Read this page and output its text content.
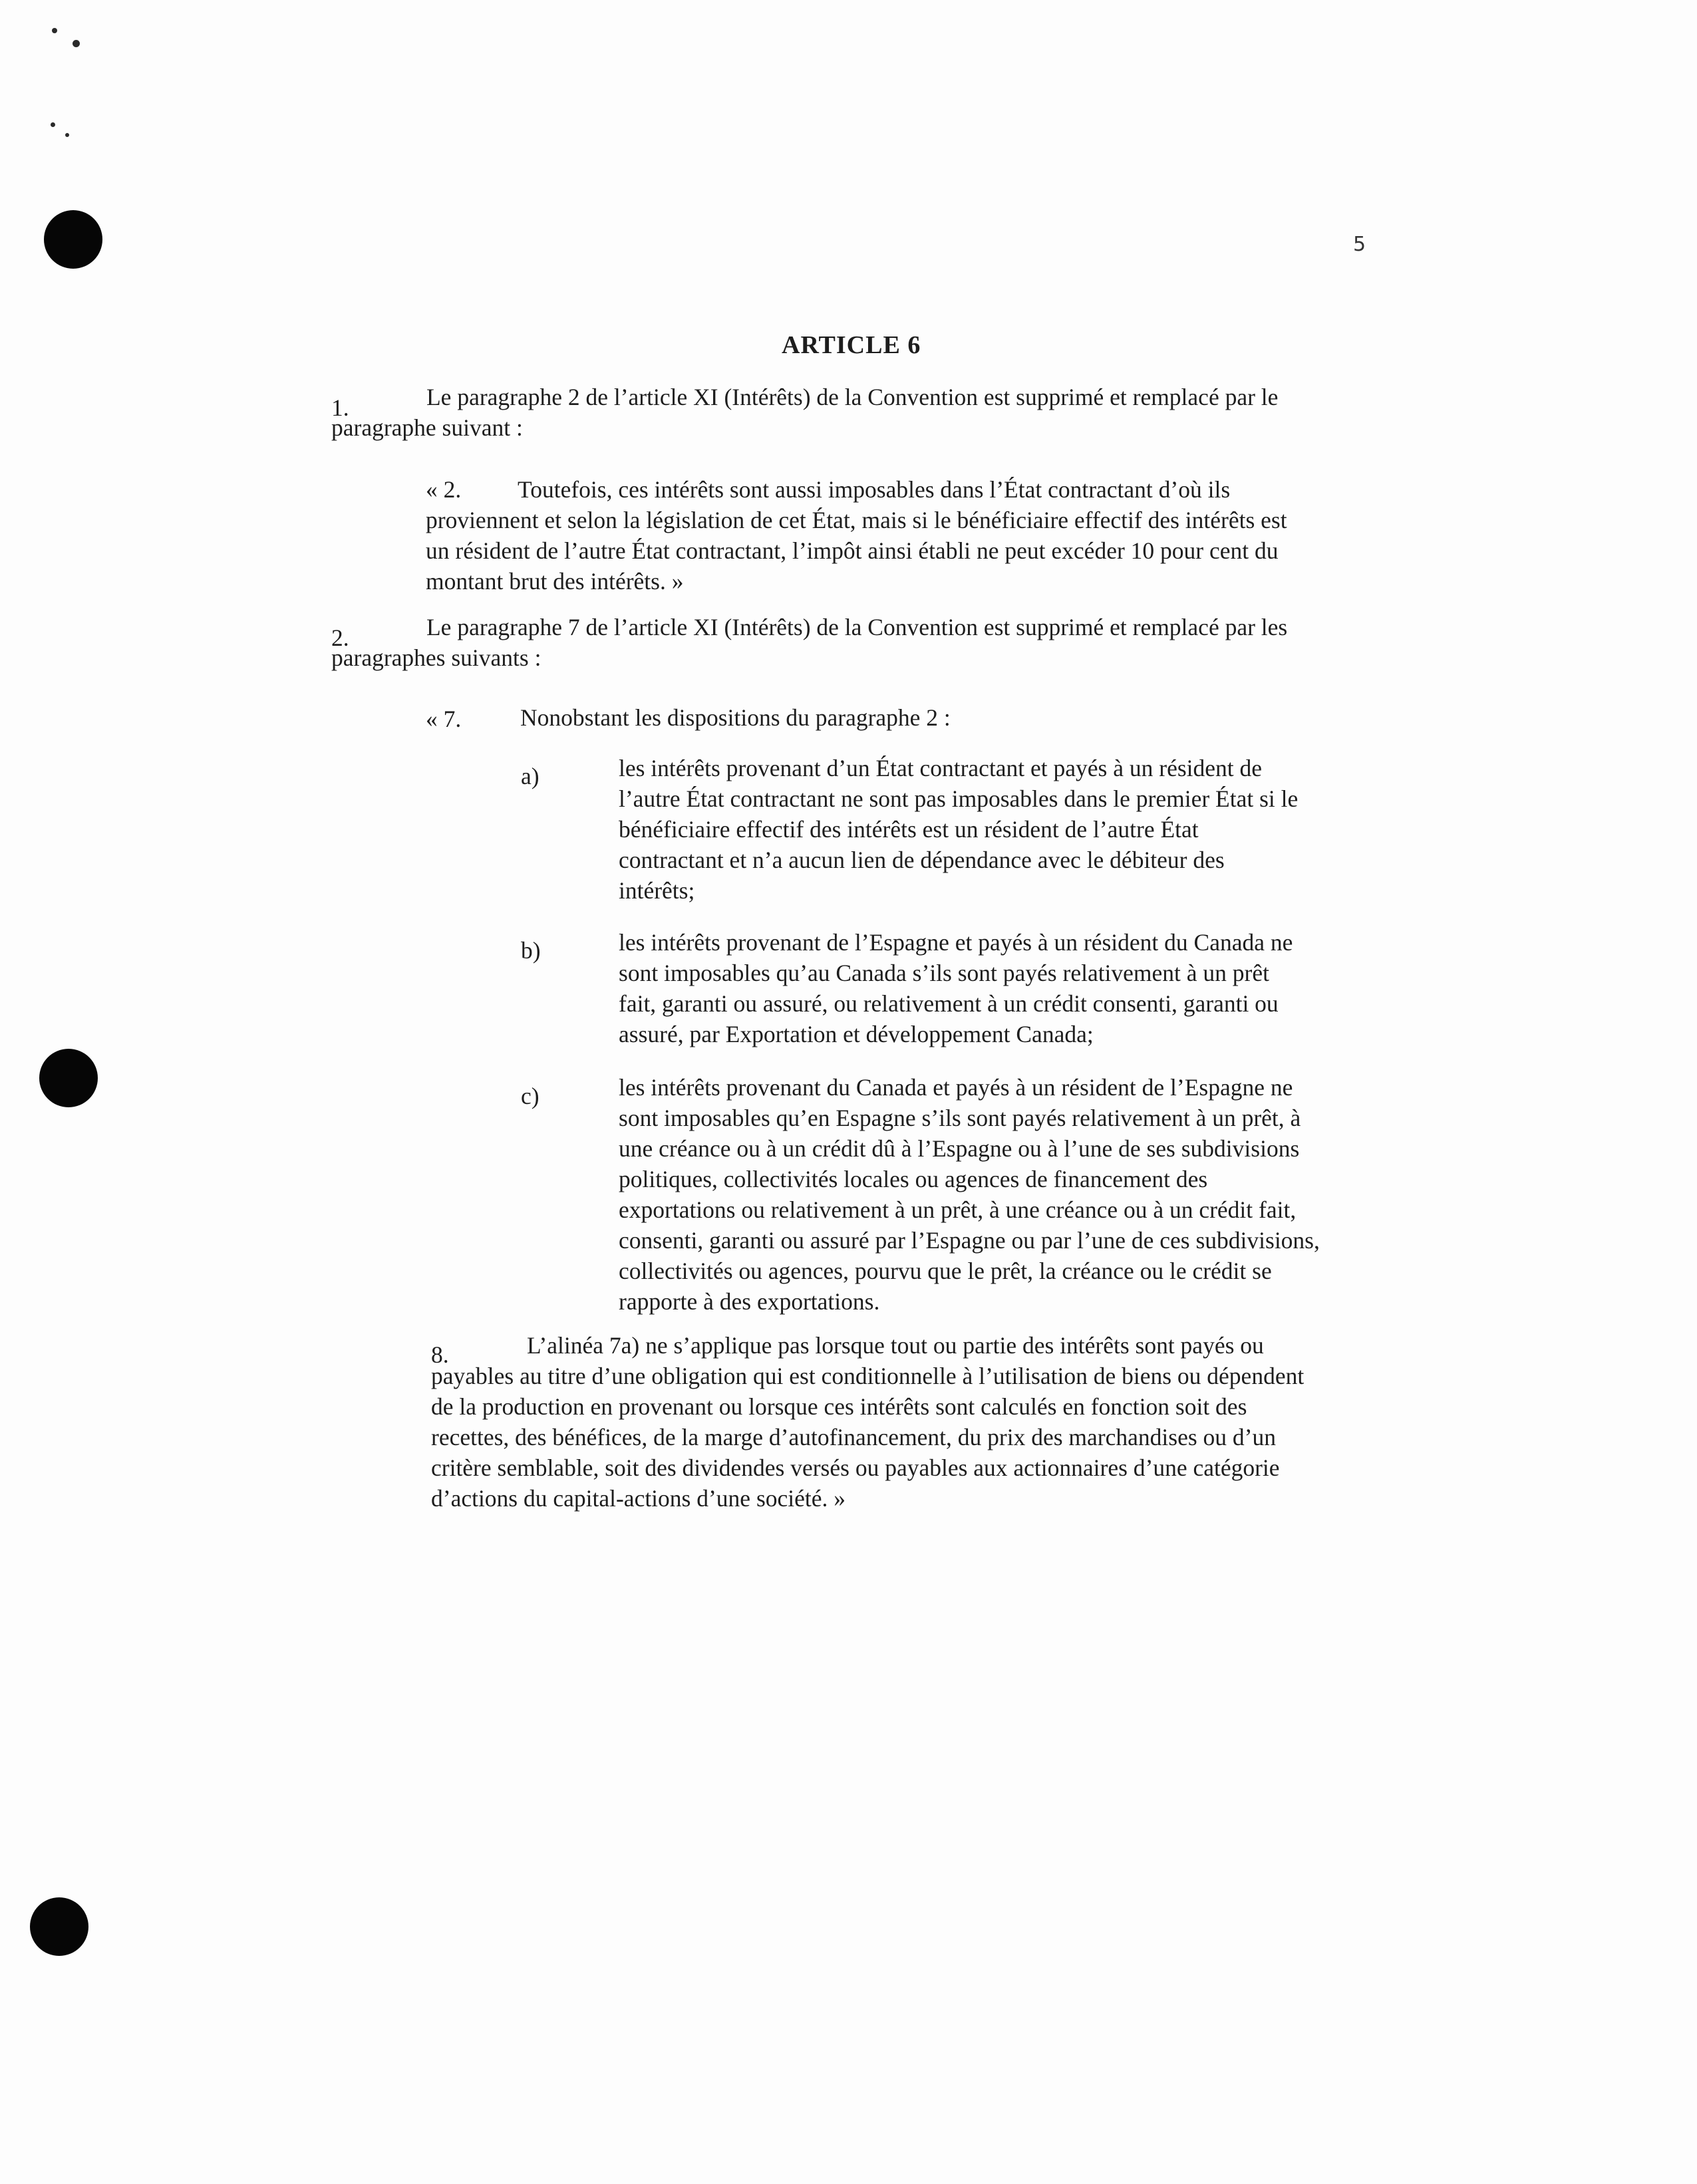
5
ARTICLE 6
1.	Le paragraphe 2 de l’article XI (Intérêts) de la Convention est supprimé et remplacé par le
paragraphe suivant :
« 2. Toutefois, ces intérêts sont aussi imposables dans l’État contractant d’où ils
proviennent et selon la législation de cet État, mais si le bénéficiaire effectif des intérêts est
un résident de l’autre État contractant, l’impôt ainsi établi ne peut excéder 10 pour cent du
montant brut des intérêts. »
2.	Le paragraphe 7 de l’article XI (Intérêts) de la Convention est supprimé et remplacé par les
paragraphes suivants :
« 7.	Nonobstant les dispositions du paragraphe 2 :
a)	les intérêts provenant d’un État contractant et payés à un résident de
l’autre État contractant ne sont pas imposables dans le premier État si le
bénéficiaire effectif des intérêts est un résident de l’autre État
contractant et n’a aucun lien de dépendance avec le débiteur des
intérêts;
b)	les intérêts provenant de l’Espagne et payés à un résident du Canada ne
sont imposables qu’au Canada s’ils sont payés relativement à un prêt
fait, garanti ou assuré, ou relativement à un crédit consenti, garanti ou
assuré, par Exportation et développement Canada;
c)	les intérêts provenant du Canada et payés à un résident de l’Espagne ne
sont imposables qu’en Espagne s’ils sont payés relativement à un prêt, à
une créance ou à un crédit dû à l’Espagne ou à l’une de ses subdivisions
politiques, collectivités locales ou agences de financement des
exportations ou relativement à un prêt, à une créance ou à un crédit fait,
consenti, garanti ou assuré par l’Espagne ou par l’une de ces subdivisions,
collectivités ou agences, pourvu que le prêt, la créance ou le crédit se
rapporte à des exportations.
8.	L’alinéa 7a) ne s’applique pas lorsque tout ou partie des intérêts sont payés ou
payables au titre d’une obligation qui est conditionnelle à l’utilisation de biens ou dépendent
de la production en provenant ou lorsque ces intérêts sont calculés en fonction soit des
recettes, des bénéfices, de la marge d’autofinancement, du prix des marchandises ou d’un
critère semblable, soit des dividendes versés ou payables aux actionnaires d’une catégorie
d’actions du capital-actions d’une société. »
